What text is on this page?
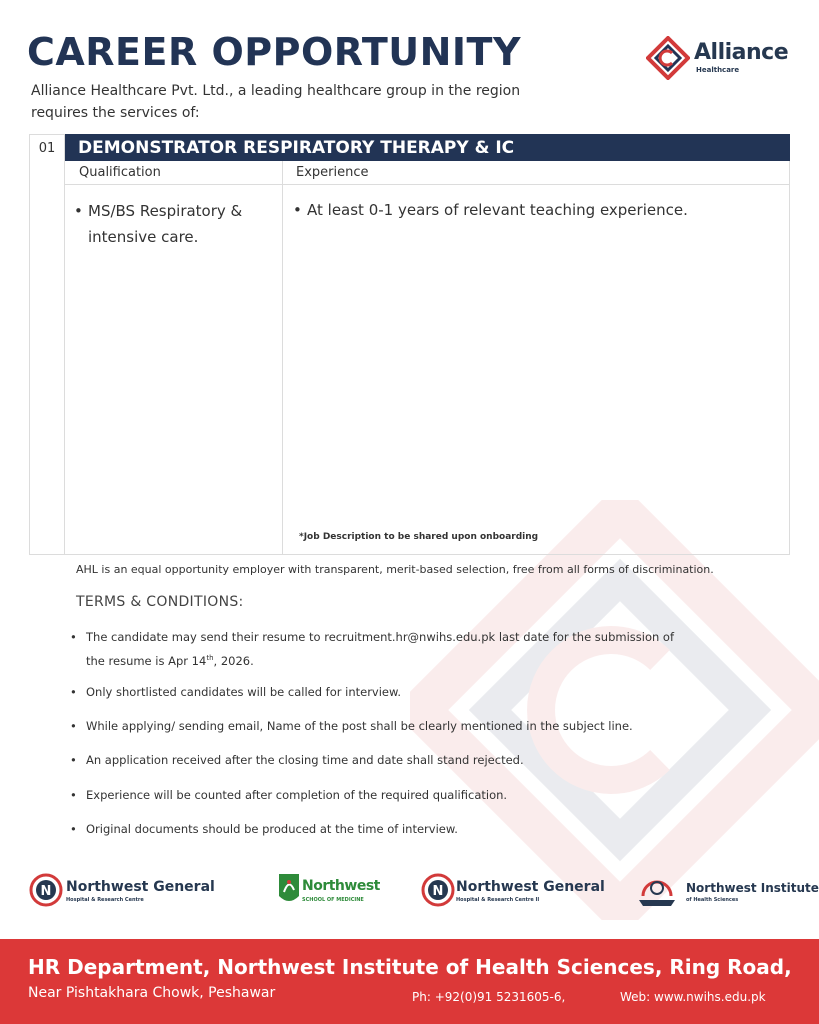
CAREER OPPORTUNITY
Alliance Healthcare Pvt. Ltd., a leading healthcare group in the region
requires the services of:
Alliance
Healthcare
01	DEMONSTRATOR RESPIRATORY THERAPY & IC
Qualification	Experience
• MS/BS Respiratory &
intensive care.
• At least 0-1 years of relevant teaching experience.
*Job Description to be shared upon onboarding
AHL is an equal opportunity employer with transparent, merit-based selection, free from all forms of discrimination.
TERMS & CONDITIONS:
• The candidate may send their resume to recruitment.hr@nwihs.edu.pk last date for the submission of
the resume is Apr 14th, 2026.
• Only shortlisted candidates will be called for interview.
• While applying/ sending email, Name of the post shall be clearly mentioned in the subject line.
• An application received after the closing time and date shall stand rejected.
• Experience will be counted after completion of the required qualification.
• Original documents should be produced at the time of interview.
N Northwest General
Hospital & Research Centre
Northwest
SCHOOL OF MEDICINE
N Northwest General
Hospital & Research Centre II
Northwest Institute
of Health Sciences
HR Department, Northwest Institute of Health Sciences, Ring Road,
Near Pishtakhara Chowk, Peshawar	Ph: +92(0)91 5231605-6,	Web: www.nwihs.edu.pk
